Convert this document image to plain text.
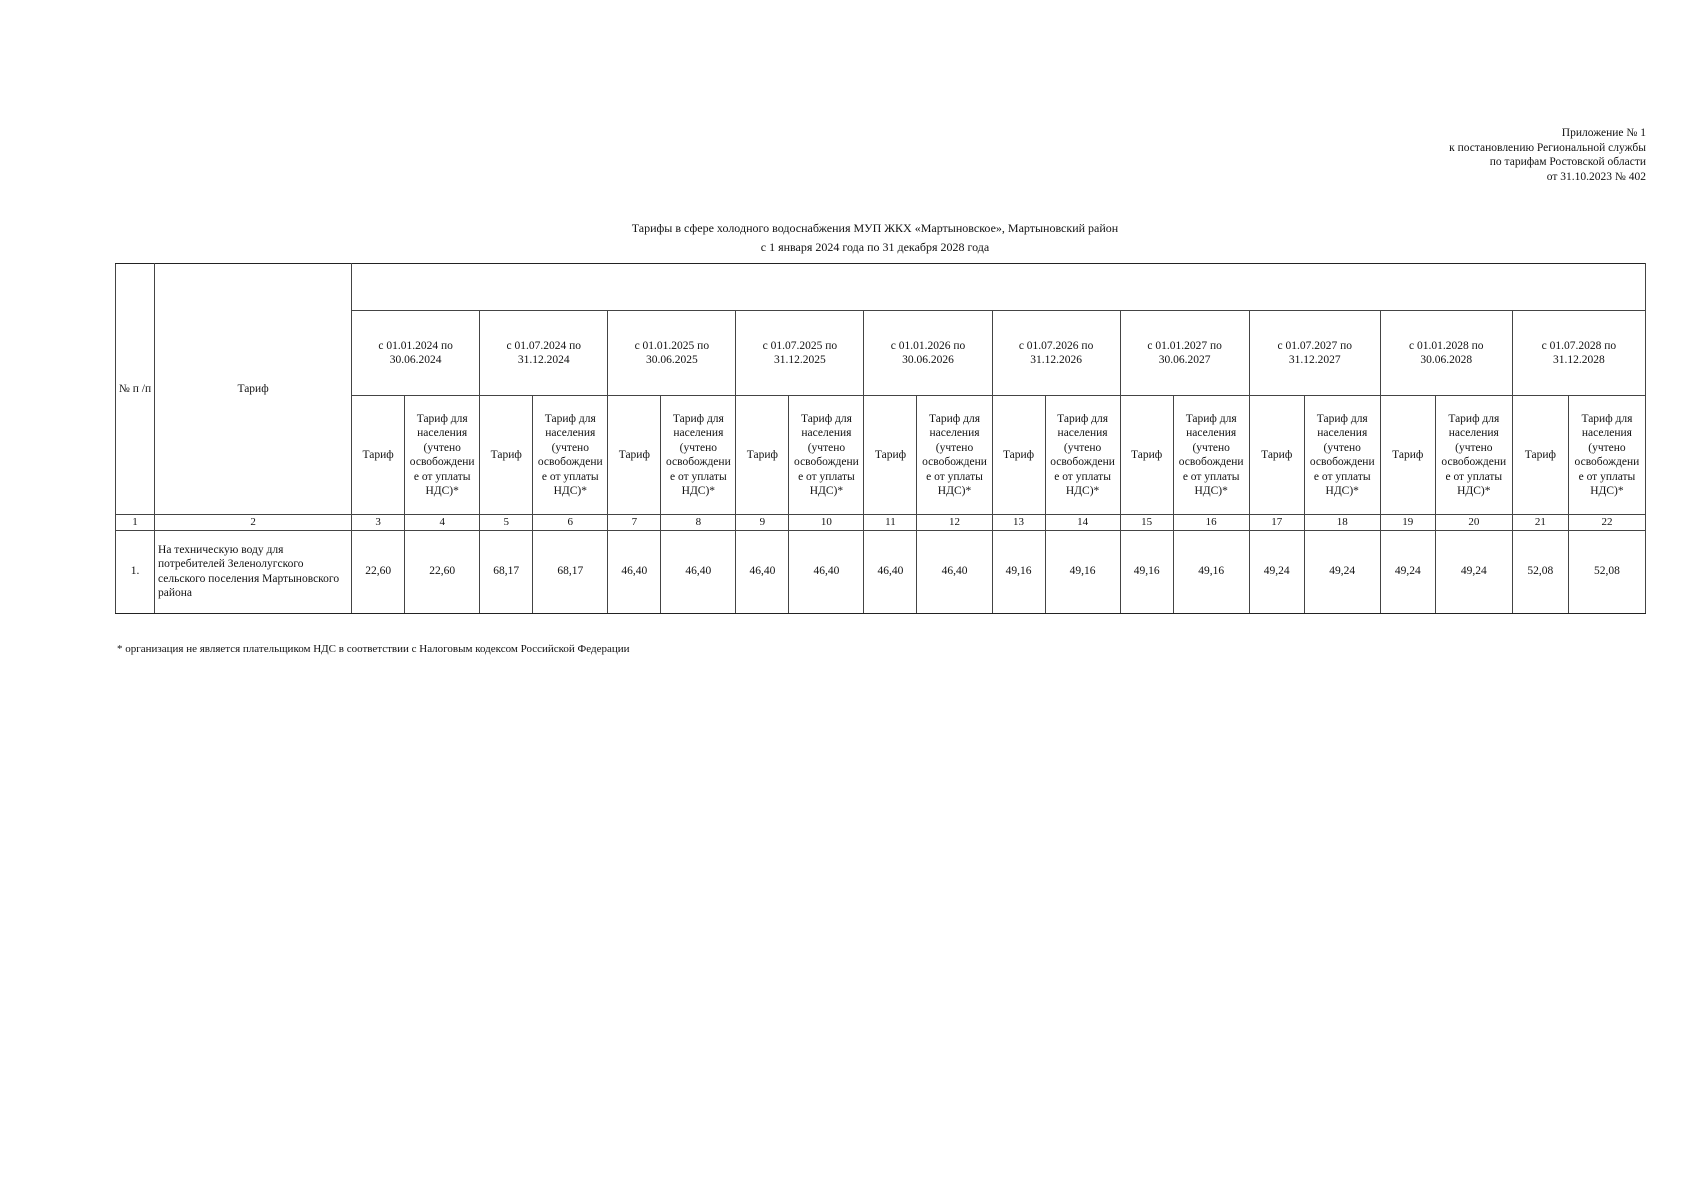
Приложение № 1
к постановлению Региональной службы
по тарифам Ростовской области
от 31.10.2023 № 402
Тарифы в сфере холодного водоснабжения МУП ЖКХ «Мартыновское», Мартыновский район
с 1 января 2024 года по 31 декабря 2028 года
№ п /п	Тариф																				
		с 01.01.2024 по 30.06.2024		с 01.07.2024 по 31.12.2024		с 01.01.2025 по 30.06.2025		с 01.07.2025 по 31.12.2025		с 01.01.2026 по 30.06.2026		с 01.07.2026 по 31.12.2026		с 01.01.2027 по 30.06.2027		с 01.07.2027 по 31.12.2027		с 01.01.2028 по 30.06.2028		с 01.07.2028 по 31.12.2028	
		Тариф	Тариф для населения (учтено освобождени е от уплаты НДС)*	Тариф	Тариф для населения (учтено освобождени е от уплаты НДС)*	Тариф	Тариф для населения (учтено освобождени е от уплаты НДС)*	Тариф	Тариф для населения (учтено освобождени е от уплаты НДС)*	Тариф	Тариф для населения (учтено освобождени е от уплаты НДС)*	Тариф	Тариф для населения (учтено освобождени е от уплаты НДС)*	Тариф	Тариф для населения (учтено освобождени е от уплаты НДС)*	Тариф	Тариф для населения (учтено освобождени е от уплаты НДС)*	Тариф	Тариф для населения (учтено освобождени е от уплаты НДС)*	Тариф	Тариф для населения (учтено освобождени е от уплаты НДС)*
1	2	3	4	5	6	7	8	9	10	11	12	13	14	15	16	17	18	19	20	21	22
1.	На техническую воду для потребителей Зеленолугского сельского поселения Мартыновского района	22,60	22,60	68,17	68,17	46,40	46,40	46,40	46,40	46,40	46,40	49,16	49,16	49,16	49,16	49,24	49,24	49,24	49,24	52,08	52,08
* организация не является плательщиком НДС в соответствии с Налоговым кодексом Российской Федерации
